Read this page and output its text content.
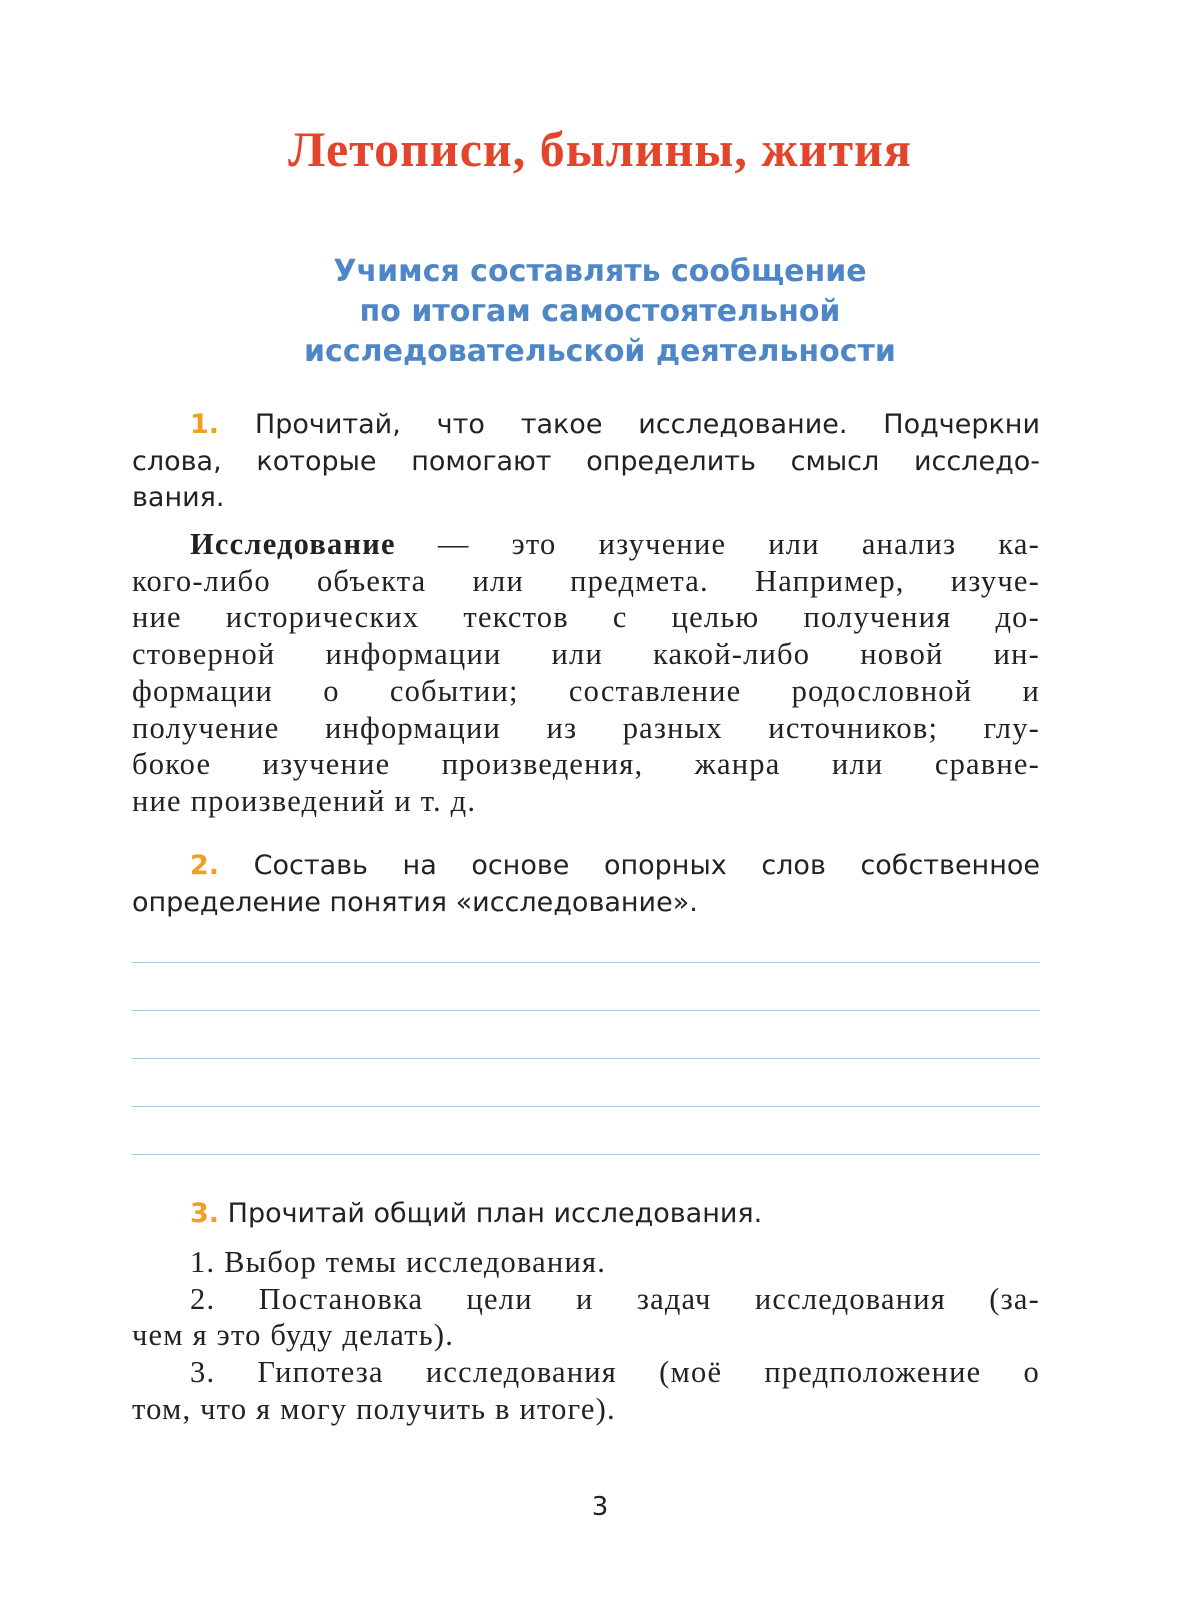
Летописи, былины, жития
Учимся составлять сообщение
по итогам самостоятельной
исследовательской деятельности
1. Прочитай, что такое исследование. Подчеркни
слова, которые помогают определить смысл исследо-
вания.
Исследование — это изучение или анализ ка-
кого-либо объекта или предмета. Например, изуче-
ние исторических текстов с целью получения до-
стоверной информации или какой-либо новой ин-
формации о событии; составление родословной и
получение информации из разных источников; глу-
бокое изучение произведения, жанра или сравне-
ние произведений и т. д.
2. Составь на основе опорных слов собственное
определение понятия «исследование».
3. Прочитай общий план исследования.
1. Выбор темы исследования.
2. Постановка цели и задач исследования (за-
чем я это буду делать).
3. Гипотеза исследования (моё предположение о
том, что я могу получить в итоге).
3
